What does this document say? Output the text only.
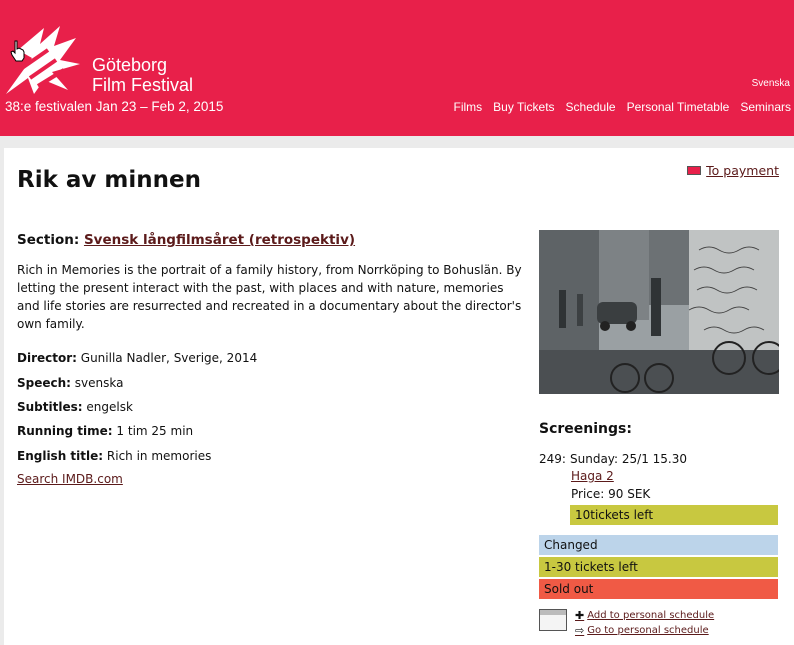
Göteborg
Film Festival
38:e festivalen Jan 23 – Feb 2, 2015
Svenska
Films Buy Tickets Schedule Personal Timetable Seminars
Rik av minnen	To payment
Section: Svensk långfilmsåret (retrospektiv)
Rich in Memories is the portrait of a family history, from Norrköping to Bohuslän. By letting the present interact with the past, with places and with nature, memories and life stories are resurrected and recreated in a documentary about the director's own family.
Director: Gunilla Nadler, Sverige, 2014
Speech: svenska
Subtitles: engelsk
Running time: 1 tim 25 min
English title: Rich in memories
Search IMDB.com
Screenings:
249: Sunday: 25/1 15.30
Haga 2
Price: 90 SEK
10tickets left
Changed
1-30 tickets left
Sold out
✚ Add to personal schedule
⇨ Go to personal schedule
